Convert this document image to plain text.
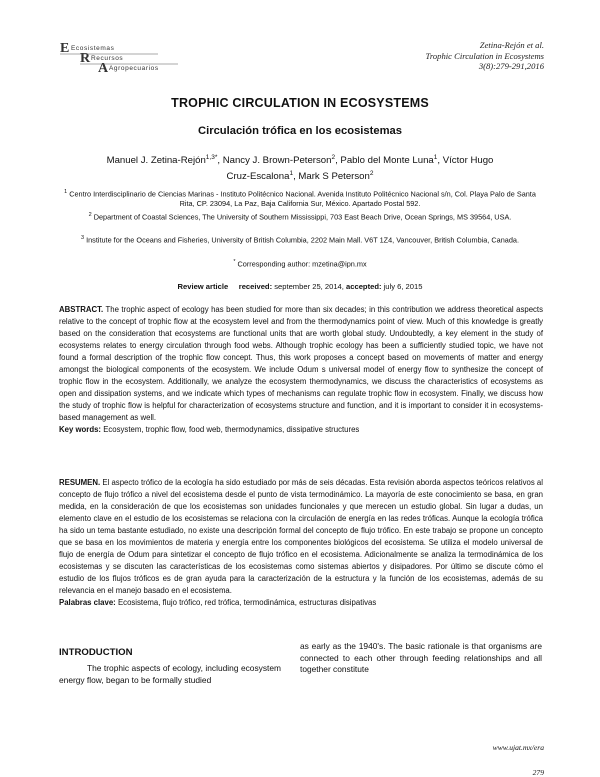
E Ecosistemas
R Recursos
A Agropecuarios
Zetina-Rejón et al.
Trophic Circulation in Ecosystems
3(8):279-291,2016
TROPHIC CIRCULATION IN ECOSYSTEMS
Circulación trófica en los ecosistemas
Manuel J. Zetina-Rejón$^{1,3*}$, Nancy J. Brown-Peterson$^2$, Pablo del Monte Luna$^1$, Víctor Hugo
Cruz-Escalona$^1$, Mark S Peterson$^2$
$^1$ Centro Interdisciplinario de Ciencias Marinas - Instituto Politécnico Nacional. Avenida Instituto Politécnico Nacional s/n, Col. Playa Palo de Santa Rita, CP. 23094, La Paz, Baja California Sur, México. Apartado Postal 592.
$^2$ Department of Coastal Sciences, The University of Southern Mississippi, 703 East Beach Drive, Ocean Springs, MS 39564, USA.
$^3$ Institute for the Oceans and Fisheries, University of British Columbia, 2202 Main Mall. V6T 1Z4, Vancouver, British Columbia, Canada.
* Corresponding author: mzetina@ipn.mx
Review article received: september 25, 2014, accepted: july 6, 2015
ABSTRACT. The trophic aspect of ecology has been studied for more than six decades; in this contribution we address theoretical aspects relative to the concept of trophic flow at the ecosystem level and from the thermodynamics point of view. Much of this knowledge is greatly based on the consideration that ecosystems are functional units that are worth global study. Undoubtedly, a key element in the study of ecosystems relates to energy circulation through food webs. Although trophic ecology has been a sufficiently studied topic, we have not found a formal description of the trophic flow concept. Thus, this work proposes a concept based on movements of matter and energy amongst the biological components of the ecosystem. We include Odum s universal model of energy flow to synthesize the concept of trophic flow in the ecosystem. Additionally, we analyze the ecosystem thermodynamics, we discuss the characteristics of ecosystems as open and dissipation systems, and we indicate which types of mechanisms can regulate trophic flow in ecosystem. Finally, we discuss how the study of trophic flow is helpful for characterization of ecosystems structure and function, and it is important to consider it in ecosystems-based management as well.
Key words: Ecosystem, trophic flow, food web, thermodynamics, dissipative structures
RESUMEN. El aspecto trófico de la ecología ha sido estudiado por más de seis décadas. Esta revisión aborda aspectos teóricos relativos al concepto de flujo trófico a nivel del ecosistema desde el punto de vista termodinámico. La mayoría de este conocimiento se basa, en gran medida, en la consideración de que los ecosistemas son unidades funcionales y que merecen un estudio global. Sin lugar a dudas, un elemento clave en el estudio de los ecosistemas se relaciona con la circulación de energía en las redes tróficas. Aunque la ecología trófica ha sido un tema bastante estudiado, no existe una descripción formal del concepto de flujo trófico. En este trabajo se propone un concepto que se basa en los movimientos de materia y energía entre los componentes biológicos del ecosistema. Se utiliza el modelo universal de flujo de energía de Odum para sintetizar el concepto de flujo trófico en el ecosistema. Adicionalmente se analiza la termodinámica de los ecosistemas y se discuten las características de los ecosistemas como sistemas abiertos y disipadores. Por último se discute cómo el estudio de los flujos tróficos es de gran ayuda para la caracterización de la estructura y la función de los ecosistemas, además de su relevancia en el manejo basado en el ecosistema.
Palabras clave: Ecosistema, flujo trófico, red trófica, termodinámica, estructuras disipativas
INTRODUCTION
The trophic aspects of ecology, including ecosystem energy flow, began to be formally studied
as early as the 1940's. The basic rationale is that organisms are connected to each other through feeding relationships and all together constitute
www.ujat.mx/era
279
